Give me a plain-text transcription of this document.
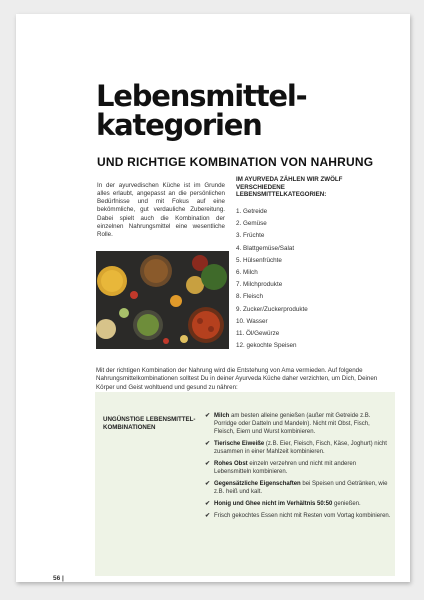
Lebensmittel-
kategorien
UND RICHTIGE KOMBINATION VON NAHRUNG

In der ayurvedischen Küche ist im Grunde alles erlaubt, angepasst an die persönlichen Bedürfnisse und mit Fokus auf eine bekömmliche, gut verdauliche Zubereitung. Dabei spielt auch die Kombination der einzelnen Nahrungsmittel eine wesentliche Rolle.

IM AYURVEDA ZÄHLEN WIR ZWÖLF VERSCHIEDENE LEBENSMITTELKATEGORIEN:
1. Getreide
2. Gemüse
3. Früchte
4. Blattgemüse/Salat
5. Hülsenfrüchte
6. Milch
7. Milchprodukte
8. Fleisch
9. Zucker/Zuckerprodukte
10. Wasser
11. Öl/Gewürze
12. gekochte Speisen

Mit der richtigen Kombination der Nahrung wird die Entstehung von Ama vermieden. Auf folgende Nahrungsmittelkombinationen solltest Du in deiner Ayurveda Küche daher verzichten, um Dich, Deinen Körper und Geist wohltuend und gesund zu nähren:

UNGÜNSTIGE LEBENSMITTEL-KOMBINATIONEN
✔ Milch am besten alleine genießen (außer mit Getreide z.B. Porridge oder Datteln und Mandeln). Nicht mit Obst, Fisch, Fleisch, Eiern und Wurst kombinieren.
✔ Tierische Eiweiße (z.B. Eier, Fleisch, Fisch, Käse, Joghurt) nicht zusammen in einer Mahlzeit kombinieren.
✔ Rohes Obst einzeln verzehren und nicht mit anderen Lebensmitteln kombinieren.
✔ Gegensätzliche Eigenschaften bei Speisen und Getränken, wie z.B. heiß und kalt.
✔ Honig und Ghee nicht im Verhältnis 50:50 genießen.
✔ Frisch gekochtes Essen nicht mit Resten vom Vortag kombinieren.
56 |
